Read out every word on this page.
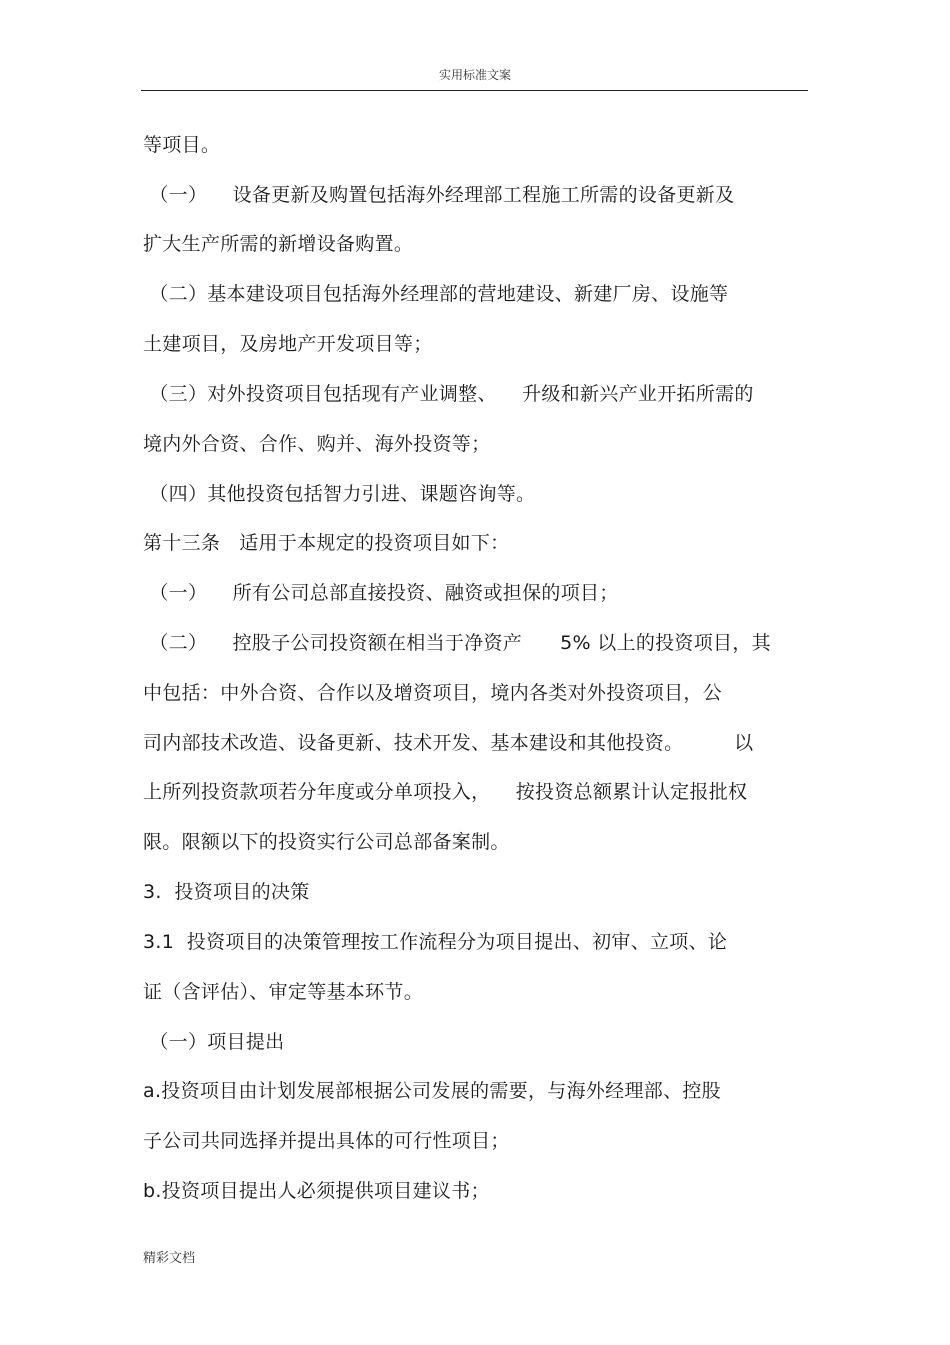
实用标准文案
等项目。
（一）    设备更新及购置包括海外经理部工程施工所需的设备更新及
扩大生产所需的新增设备购置。
（二）基本建设项目包括海外经理部的营地建设、新建厂房、设施等
土建项目，及房地产开发项目等；
（三）对外投资项目包括现有产业调整、    升级和新兴产业开拓所需的
境内外合资、合作、购并、海外投资等；
（四）其他投资包括智力引进、课题咨询等。
第十三条   适用于本规定的投资项目如下：
（一）    所有公司总部直接投资、融资或担保的项目；
（二）    控股子公司投资额在相当于净资产      5% 以上的投资项目，其
中包括：中外合资、合作以及增资项目，境内各类对外投资项目，公
司内部技术改造、设备更新、技术开发、基本建设和其他投资。        以
上所列投资款项若分年度或分单项投入，    按投资总额累计认定报批权
限。限额以下的投资实行公司总部备案制。
3.  投资项目的决策
3.1  投资项目的决策管理按工作流程分为项目提出、初审、立项、论
证（含评估）、审定等基本环节。
（一）项目提出
a.投资项目由计划发展部根据公司发展的需要，与海外经理部、控股
子公司共同选择并提出具体的可行性项目；
b.投资项目提出人必须提供项目建议书；
精彩文档
